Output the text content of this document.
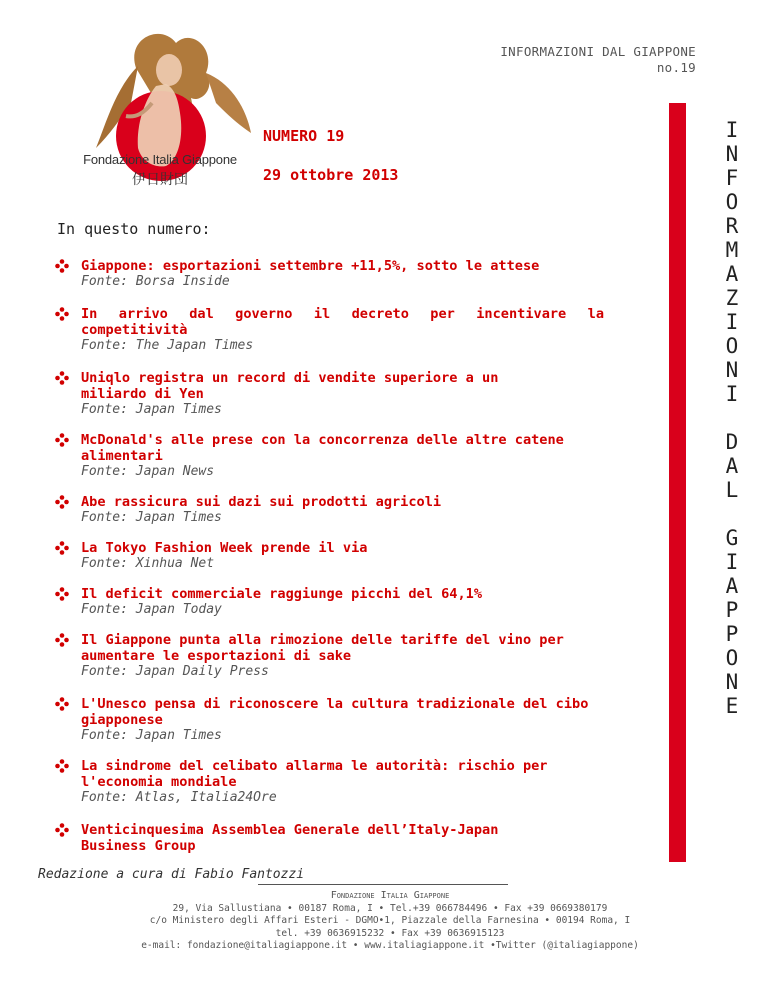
INFORMAZIONI DAL GIAPPONE
no.19
Fondazione Italia Giappone
伊日財団
NUMERO 19
29 ottobre 2013
In questo numero:
Giappone: esportazioni settembre +11,5%, sotto le attese
Fonte: Borsa Inside
In arrivo dal governo il decreto per incentivare la competitività
Fonte: The Japan Times
Uniqlo registra un record di vendite superiore a un miliardo di Yen
Fonte: Japan Times
McDonald's alle prese con la concorrenza delle altre catene alimentari
Fonte: Japan News
Abe rassicura sui dazi sui prodotti agricoli
Fonte: Japan Times
La Tokyo Fashion Week prende il via
Fonte: Xinhua Net
Il deficit commerciale raggiunge picchi del 64,1%
Fonte: Japan Today
Il Giappone punta alla rimozione delle tariffe del vino per aumentare le esportazioni di sake
Fonte: Japan Daily Press
L'Unesco pensa di riconoscere la cultura tradizionale del cibo giapponese
Fonte: Japan Times
La sindrome del celibato allarma le autorità: rischio per l'economia mondiale
Fonte: Atlas, Italia24Ore
Venticinquesima Assemblea Generale dell’Italy-Japan Business Group
I
N
F
O
R
M
A
Z
I
O
N
I
D
A
L
G
I
A
P
P
O
N
E
Redazione a cura di Fabio Fantozzi
Fondazione Italia Giappone
29, Via Sallustiana • 00187 Roma, I • Tel.+39 066784496 • Fax +39 0669380179
c/o Ministero degli Affari Esteri - DGMO•1, Piazzale della Farnesina • 00194 Roma, I
tel. +39 0636915232 • Fax +39 0636915123
e-mail: fondazione@italiagiappone.it • www.italiagiappone.it •Twitter (@italiagiappone)
